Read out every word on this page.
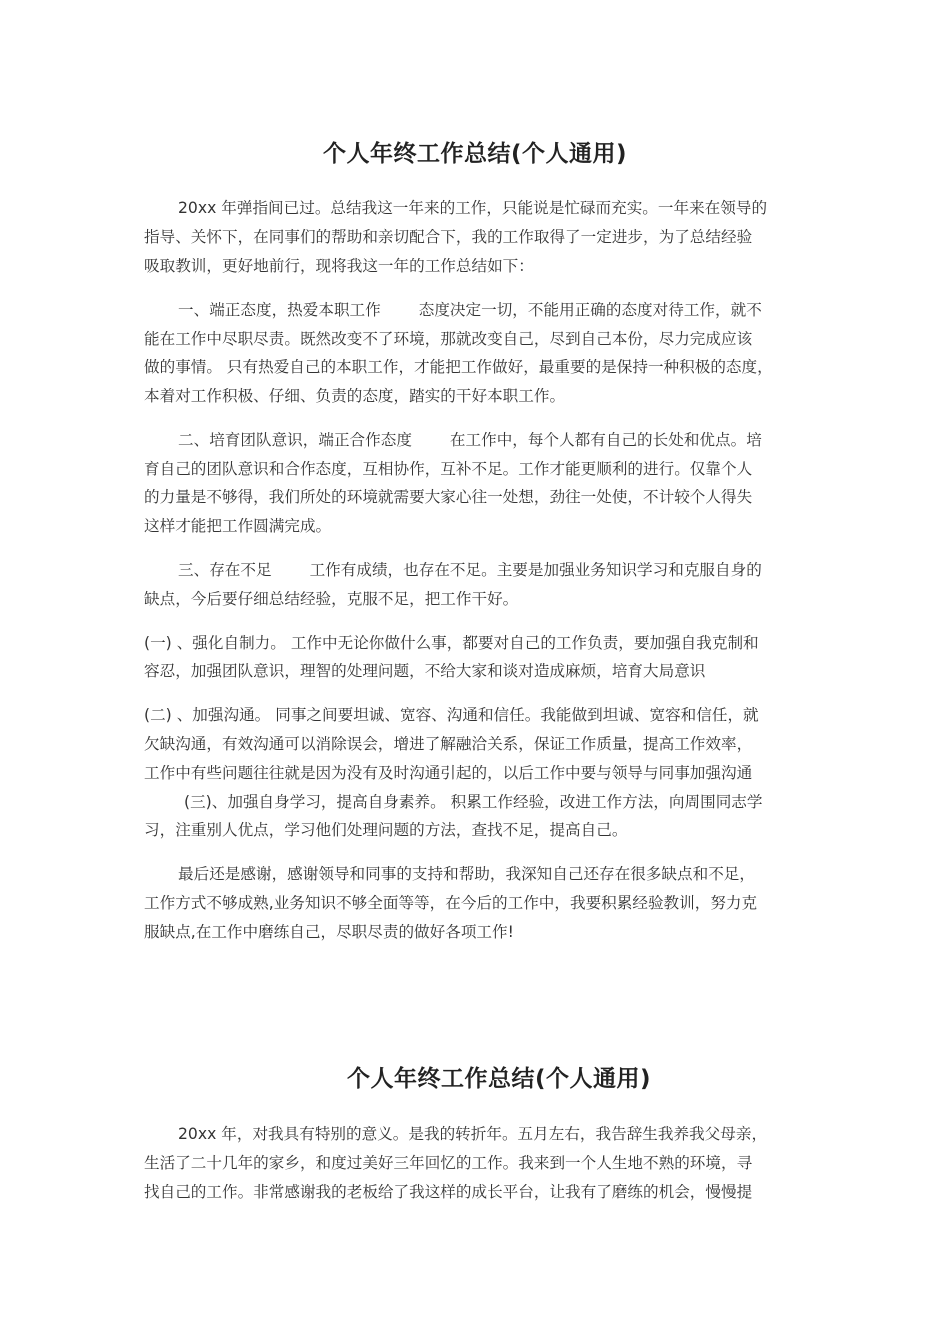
个人年终工作总结(个人通用)
20xx 年弹指间已过。总结我这一年来的工作，只能说是忙碌而充实。一年来在领导的
指导、关怀下，在同事们的帮助和亲切配合下，我的工作取得了一定进步，为了总结经验
吸取教训，更好地前行，现将我这一年的工作总结如下：
一、端正态度，热爱本职工作 态度决定一切，不能用正确的态度对待工作，就不
能在工作中尽职尽责。既然改变不了环境，那就改变自己，尽到自己本份，尽力完成应该
做的事情。 只有热爱自己的本职工作，才能把工作做好，最重要的是保持一种积极的态度，
本着对工作积极、仔细、负责的态度，踏实的干好本职工作。
二、培育团队意识，端正合作态度 在工作中，每个人都有自己的长处和优点。培
育自己的团队意识和合作态度，互相协作，互补不足。工作才能更顺利的进行。仅靠个人
的力量是不够得，我们所处的环境就需要大家心往一处想，劲往一处使，不计较个人得失
这样才能把工作圆满完成。
三、存在不足 工作有成绩，也存在不足。主要是加强业务知识学习和克服自身的
缺点，今后要仔细总结经验，克服不足，把工作干好。
(一) 、强化自制力。 工作中无论你做什么事，都要对自己的工作负责，要加强自我克制和
容忍，加强团队意识，理智的处理问题，不给大家和谈对造成麻烦，培育大局意识
(二) 、加强沟通。 同事之间要坦诚、宽容、沟通和信任。我能做到坦诚、宽容和信任，就
欠缺沟通，有效沟通可以消除误会，增进了解融洽关系，保证工作质量，提高工作效率，
工作中有些问题往往就是因为没有及时沟通引起的，以后工作中要与领导与同事加强沟通
(三)、加强自身学习，提高自身素养。 积累工作经验，改进工作方法，向周围同志学
习，注重别人优点，学习他们处理问题的方法，查找不足，提高自己。
最后还是感谢，感谢领导和同事的支持和帮助，我深知自己还存在很多缺点和不足，
工作方式不够成熟,业务知识不够全面等等，在今后的工作中，我要积累经验教训，努力克
服缺点,在工作中磨练自己，尽职尽责的做好各项工作!
个人年终工作总结(个人通用)
20xx 年，对我具有特别的意义。是我的转折年。五月左右，我告辞生我养我父母亲，
生活了二十几年的家乡，和度过美好三年回忆的工作。我来到一个人生地不熟的环境，寻
找自己的工作。非常感谢我的老板给了我这样的成长平台，让我有了磨练的机会，慢慢提
